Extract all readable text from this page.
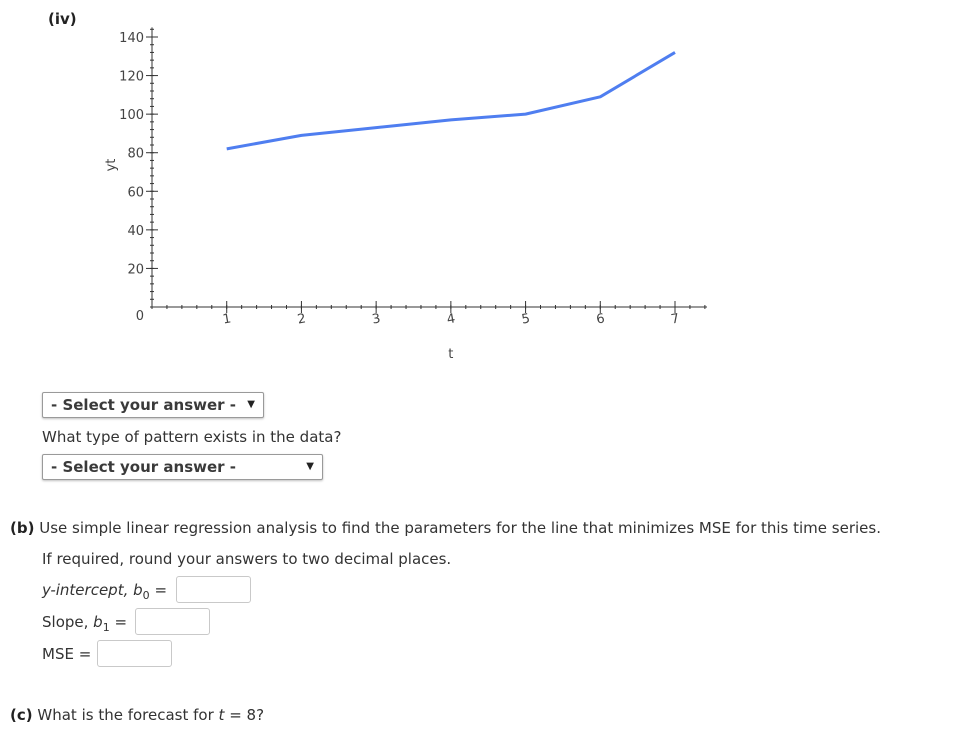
(iv)
0
20
40
60
80
100
120
140
1	2	3	4	5	6	7
t
yt
- Select your answer - ▼
What type of pattern exists in the data?
- Select your answer -	▼
(b) Use simple linear regression analysis to find the parameters for the line that minimizes MSE for this time series.
If required, round your answers to two decimal places.
y-intercept, $b_0$ =
Slope, $b_1$ =
MSE =
(c) What is the forecast for t = 8?
